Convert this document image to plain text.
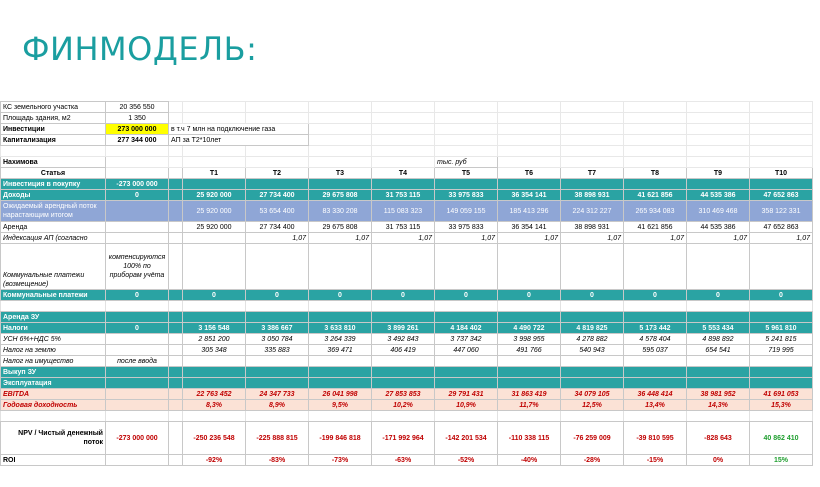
ФИНМОДЕЛЬ:
КС земельного участка	20 356 550											
Площадь здания, м2	1 350											
Инвестиции	273 000 000	в т.ч 7 млн на подключение газа										
Капитализация	277 344 000	АП за Т2*10лет										

Нахимова							тыс. руб					
Статья			T1	T2	T3	T4	T5	T6	T7	T8	T9	T10
Инвестиция в покупку	-273 000 000											
Доходы	0		25 920 000	27 734 400	29 675 808	31 753 115	33 975 833	36 354 141	38 898 931	41 621 856	44 535 386	47 652 863
Ожидаемый арендный поток нарастающим итогом			25 920 000	53 654 400	83 330 208	115 083 323	149 059 155	185 413 296	224 312 227	265 934 083	310 469 468	358 122 331
Аренда			25 920 000	27 734 400	29 675 808	31 753 115	33 975 833	36 354 141	38 898 931	41 621 856	44 535 386	47 652 863
Индексация АП (согласно				1,07	1,07	1,07	1,07	1,07	1,07	1,07	1,07	1,07
Коммунальные платежи (возмещение)	компенсируются 100% по приборам учёта											
Коммунальные платежи	0		0	0	0	0	0	0	0	0	0	0

Аренда ЗУ												
Налоги	0		3 156 548	3 386 667	3 633 810	3 899 261	4 184 402	4 490 722	4 819 825	5 173 442	5 553 434	5 961 810
УСН 6%+НДС 5%			2 851 200	3 050 784	3 264 339	3 492 843	3 737 342	3 998 955	4 278 882	4 578 404	4 898 892	5 241 815
Налог на землю			305 348	335 883	369 471	406 419	447 060	491 766	540 943	595 037	654 541	719 995
Налог на имущество	после ввода											
Выкуп ЗУ												
Эксплуатация												
EBITDA			22 763 452	24 347 733	26 041 998	27 853 853	29 791 431	31 863 419	34 079 105	36 448 414	38 981 952	41 691 053
Годовая доходность			8,3%	8,9%	9,5%	10,2%	10,9%	11,7%	12,5%	13,4%	14,3%	15,3%

NPV / Чистый денежный поток	-273 000 000		-250 236 548	-225 888 815	-199 846 818	-171 992 964	-142 201 534	-110 338 115	-76 259 009	-39 810 595	-828 643	40 862 410
ROI			-92%	-83%	-73%	-63%	-52%	-40%	-28%	-15%	0%	15%
